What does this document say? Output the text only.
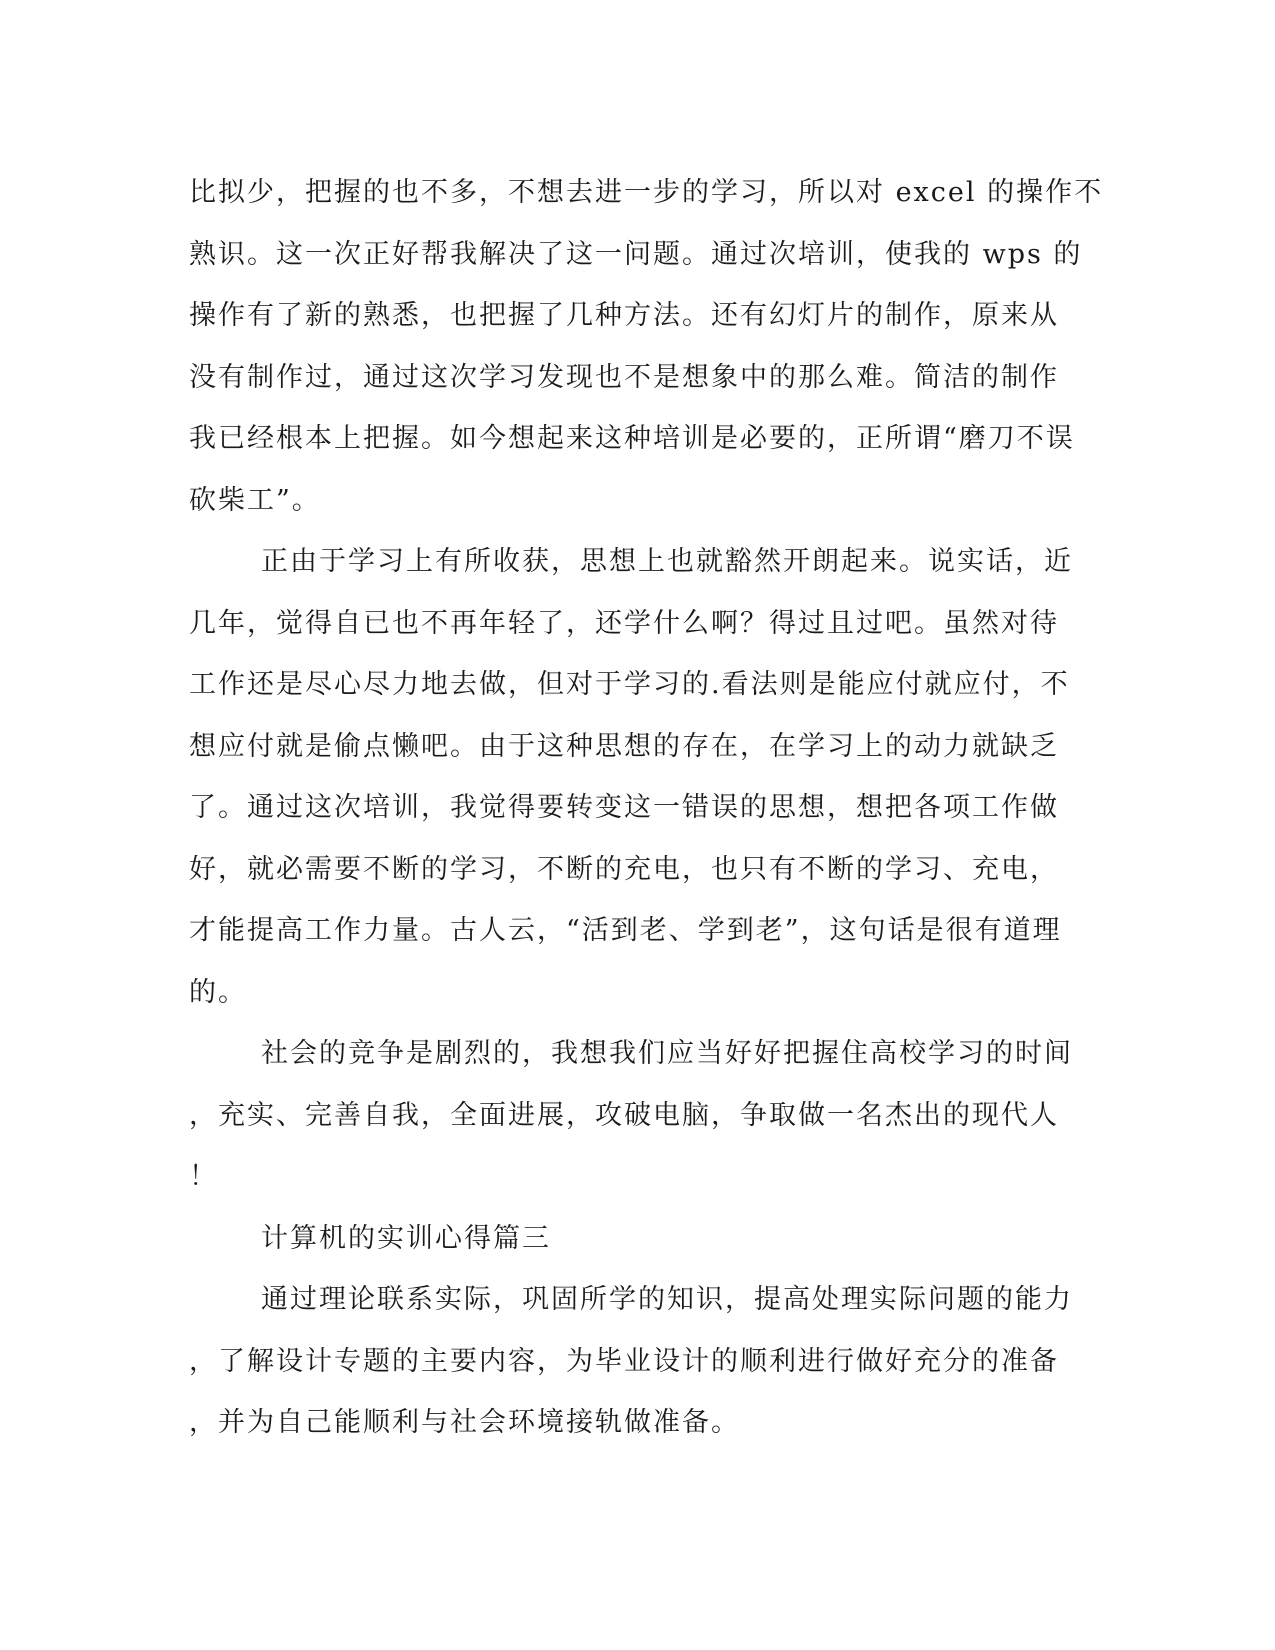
比拟少，把握的也不多，不想去进一步的学习，所以对 excel 的操作不
熟识。这一次正好帮我解决了这一问题。通过次培训，使我的 wps 的
操作有了新的熟悉，也把握了几种方法。还有幻灯片的制作，原来从
没有制作过，通过这次学习发现也不是想象中的那么难。简洁的制作
我已经根本上把握。如今想起来这种培训是必要的，正所谓“磨刀不误
砍柴工”。
正由于学习上有所收获，思想上也就豁然开朗起来。说实话，近
几年，觉得自已也不再年轻了，还学什么啊？得过且过吧。虽然对待
工作还是尽心尽力地去做，但对于学习的.看法则是能应付就应付，不
想应付就是偷点懒吧。由于这种思想的存在，在学习上的动力就缺乏
了。通过这次培训，我觉得要转变这一错误的思想，想把各项工作做
好，就必需要不断的学习，不断的充电，也只有不断的学习、充电，
才能提高工作力量。古人云，“活到老、学到老”，这句话是很有道理
的。
社会的竞争是剧烈的，我想我们应当好好把握住高校学习的时间
，充实、完善自我，全面进展，攻破电脑，争取做一名杰出的现代人
！
计算机的实训心得篇三
通过理论联系实际，巩固所学的知识，提高处理实际问题的能力
，了解设计专题的主要内容，为毕业设计的顺利进行做好充分的准备
，并为自己能顺利与社会环境接轨做准备。
